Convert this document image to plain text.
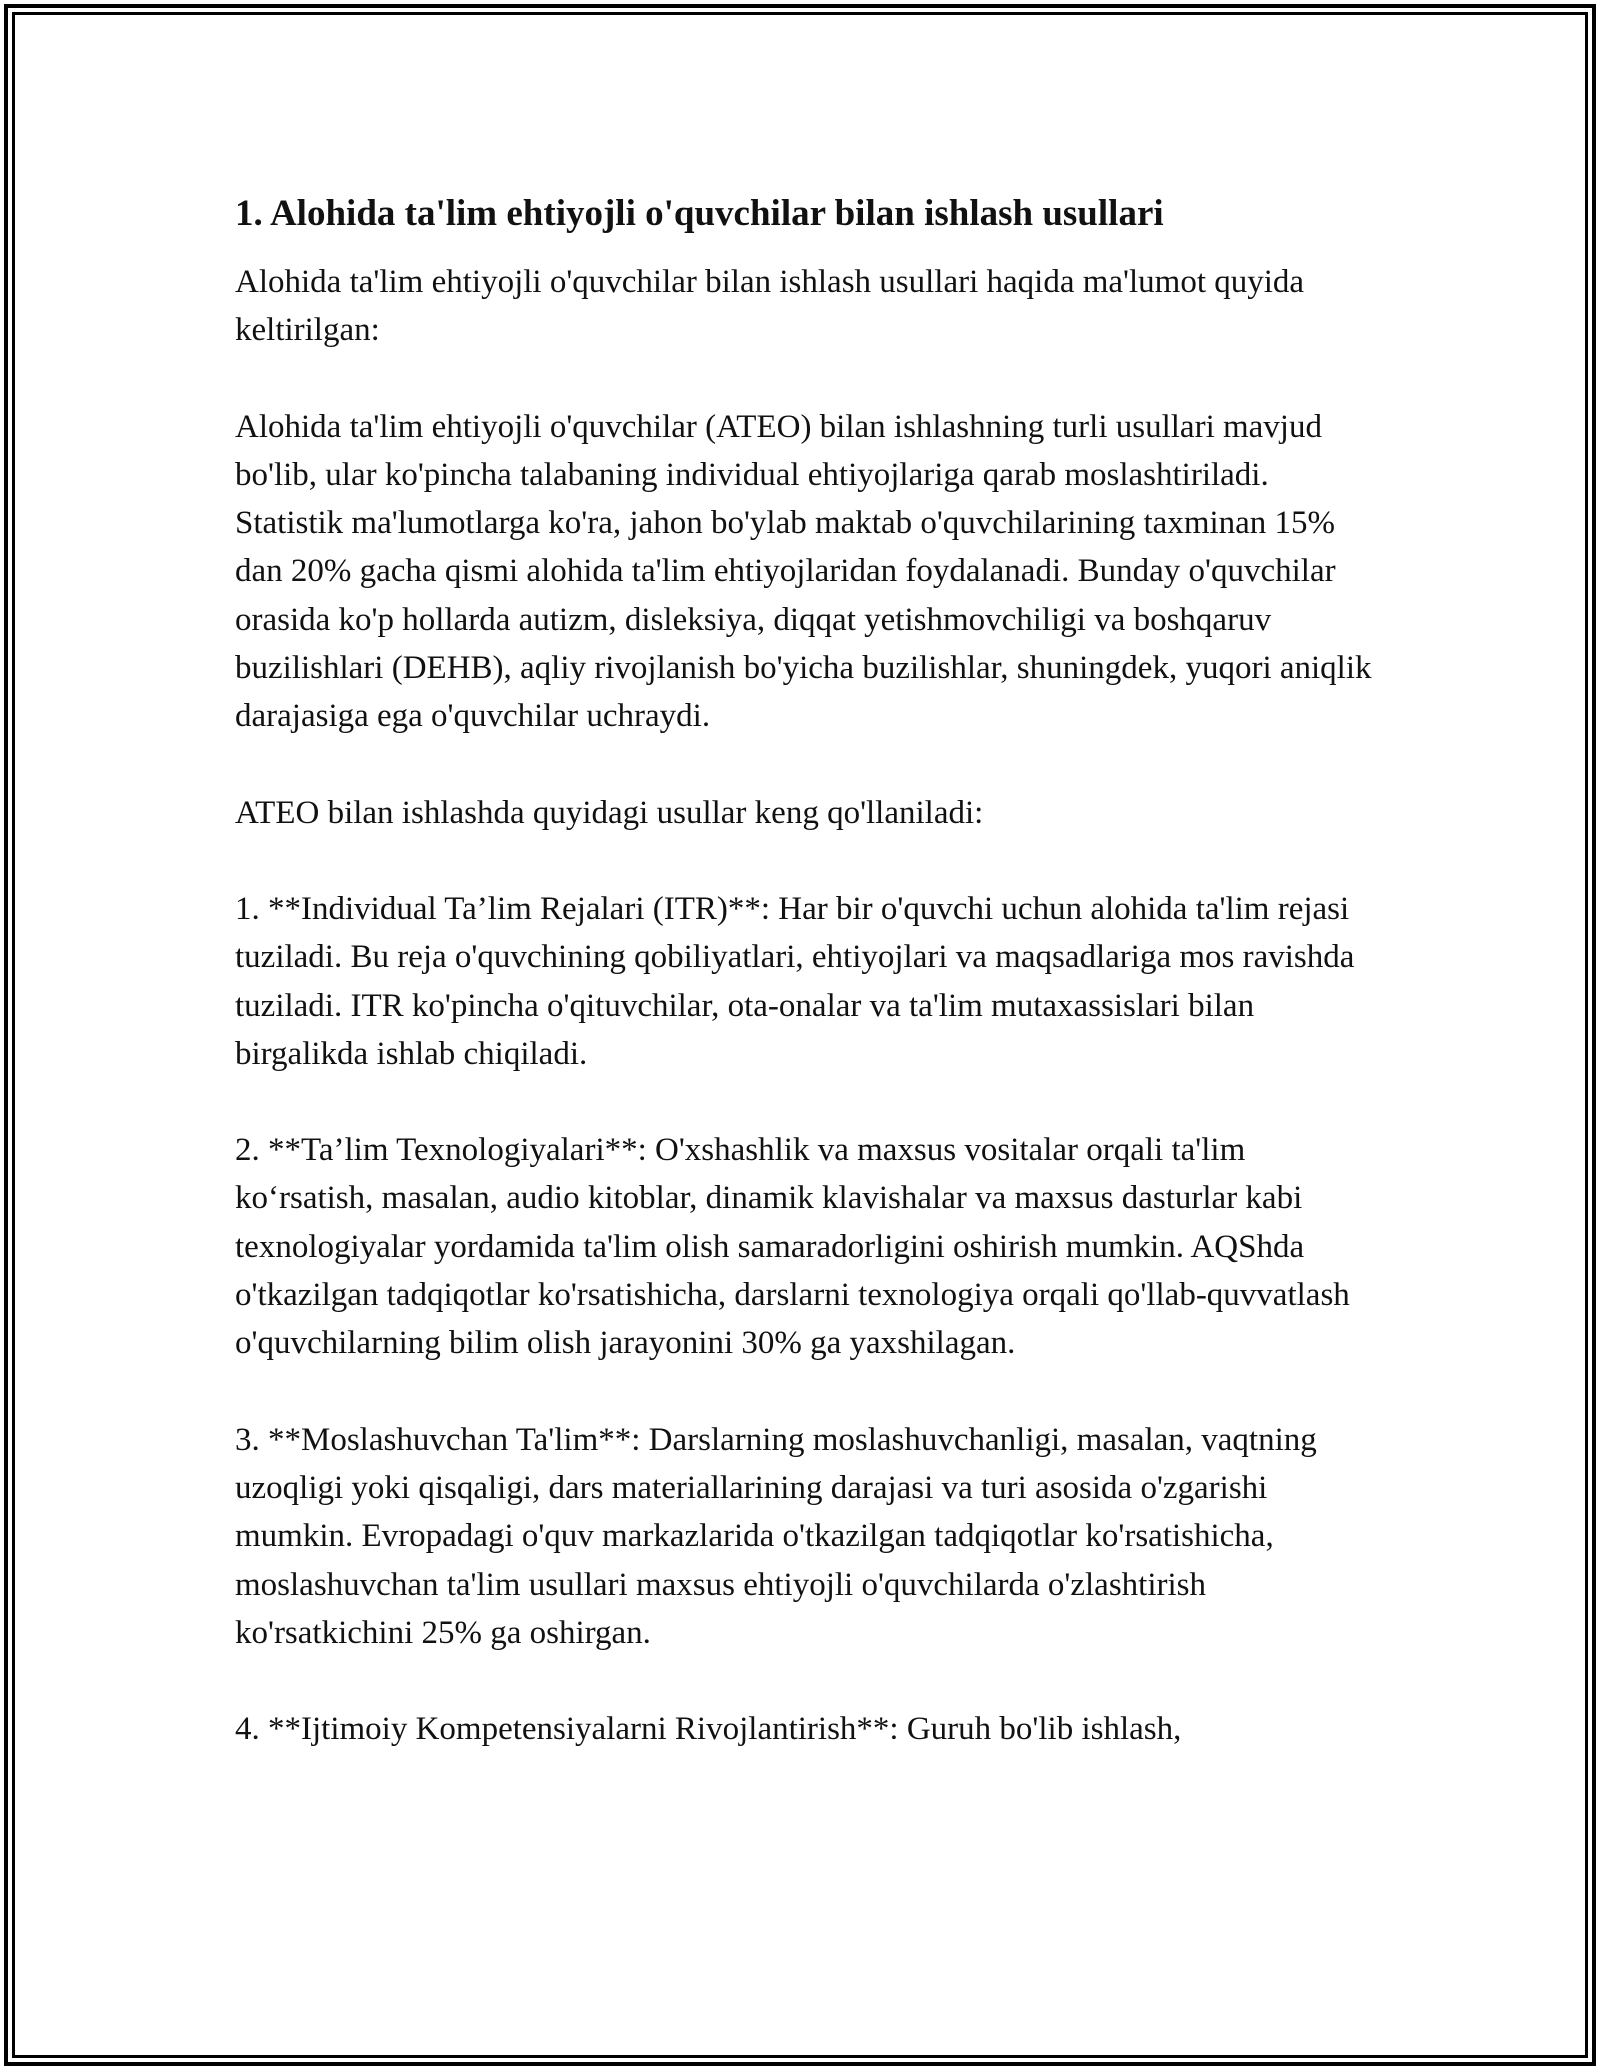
1. Alohida ta'lim ehtiyojli o'quvchilar bilan ishlash usullari
Alohida ta'lim ehtiyojli o'quvchilar bilan ishlash usullari haqida ma'lumot quyida keltirilgan:
Alohida ta'lim ehtiyojli o'quvchilar (ATEO) bilan ishlashning turli usullari mavjud bo'lib, ular ko'pincha talabaning individual ehtiyojlariga qarab moslashtiriladi. Statistik ma'lumotlarga ko'ra, jahon bo'ylab maktab o'quvchilarining taxminan 15% dan 20% gacha qismi alohida ta'lim ehtiyojlaridan foydalanadi. Bunday o'quvchilar orasida ko'p hollarda autizm, disleksiya, diqqat yetishmovchiligi va boshqaruv buzilishlari (DEHB), aqliy rivojlanish bo'yicha buzilishlar, shuningdek, yuqori aniqlik darajasiga ega o'quvchilar uchraydi.
ATEO bilan ishlashda quyidagi usullar keng qo'llaniladi:
1. **Individual Ta’lim Rejalari (ITR)**: Har bir o'quvchi uchun alohida ta'lim rejasi tuziladi. Bu reja o'quvchining qobiliyatlari, ehtiyojlari va maqsadlariga mos ravishda tuziladi. ITR ko'pincha o'qituvchilar, ota-onalar va ta'lim mutaxassislari bilan birgalikda ishlab chiqiladi.
2. **Ta’lim Texnologiyalari**: O'xshashlik va maxsus vositalar orqali ta'lim ko‘rsatish, masalan, audio kitoblar, dinamik klavishalar va maxsus dasturlar kabi texnologiyalar yordamida ta'lim olish samaradorligini oshirish mumkin. AQShda o'tkazilgan tadqiqotlar ko'rsatishicha, darslarni texnologiya orqali qo'llab-quvvatlash o'quvchilarning bilim olish jarayonini 30% ga yaxshilagan.
3. **Moslashuvchan Ta'lim**: Darslarning moslashuvchanligi, masalan, vaqtning uzoqligi yoki qisqaligi, dars materiallarining darajasi va turi asosida o'zgarishi mumkin. Evropadagi o'quv markazlarida o'tkazilgan tadqiqotlar ko'rsatishicha, moslashuvchan ta'lim usullari maxsus ehtiyojli o'quvchilarda o'zlashtirish ko'rsatkichini 25% ga oshirgan.
4. **Ijtimoiy Kompetensiyalarni Rivojlantirish**: Guruh bo'lib ishlash,
